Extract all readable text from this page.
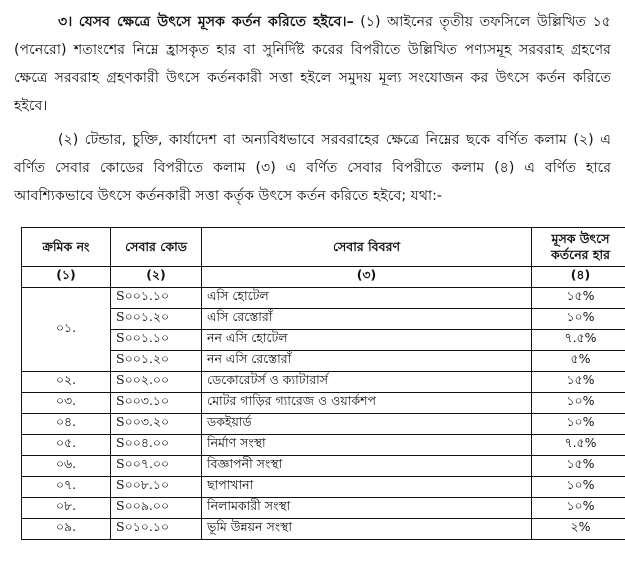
৩। যেসব ক্ষেত্রে উৎসে মূসক কর্তন করিতে হইবে।– (১) আইনের তৃতীয় তফসিলে উল্লিখিত ১৫ (পনেরো) শতাংশের নিম্নে হ্রাসকৃত হার বা সুনির্দিষ্ট করের বিপরীতে উল্লিখিত পণ্যসমূহ সরবরাহ গ্রহণের ক্ষেত্রে সরবরাহ গ্রহণকারী উৎসে কর্তনকারী সত্তা হইলে সমুদয় মূল্য সংযোজন কর উৎসে কর্তন করিতে হইবে।

(২) টেন্ডার, চুক্তি, কার্যাদেশ বা অন্যবিধভাবে সরবরাহের ক্ষেত্রে নিম্নের ছকে বর্ণিত কলাম (২) এ বর্ণিত সেবার কোডের বিপরীতে কলাম (৩) এ বর্ণিত সেবার বিপরীতে কলাম (৪) এ বর্ণিত হারে আবশ্যিকভাবে উৎসে কর্তনকারী সত্তা কর্তৃক উৎসে কর্তন করিতে হইবে; যথা:-

ক্রমিক নং	সেবার কোড	সেবার বিবরণ	মূসক উৎসে কর্তনের হার
(১)	(২)	(৩)	(৪)
০১.	S০০১.১০	এসি হোটেল	১৫%
	S০০১.২০	এসি রেস্তোরাঁ	১০%
	S০০১.১০	নন এসি হোটেল	৭.৫%
	S০০১.২০	নন এসি রেস্তোরাঁ	৫%
০২.	S০০২.০০	ডেকোরেটর্স ও ক্যাটারার্স	১৫%
০৩.	S০০৩.১০	মোটর গাড়ির গ্যারেজ ও ওয়ার্কশপ	১০%
০৪.	S০০৩.২০	ডকইয়ার্ড	১০%
০৫.	S০০৪.০০	নির্মাণ সংস্থা	৭.৫%
০৬.	S০০৭.০০	বিজ্ঞাপনী সংস্থা	১৫%
০৭.	S০০৮.১০	ছাপাখানা	১০%
০৮.	S০০৯.০০	নিলামকারী সংস্থা	১০%
০৯.	S০১০.১০	ভূমি উন্নয়ন সংস্থা	২%
